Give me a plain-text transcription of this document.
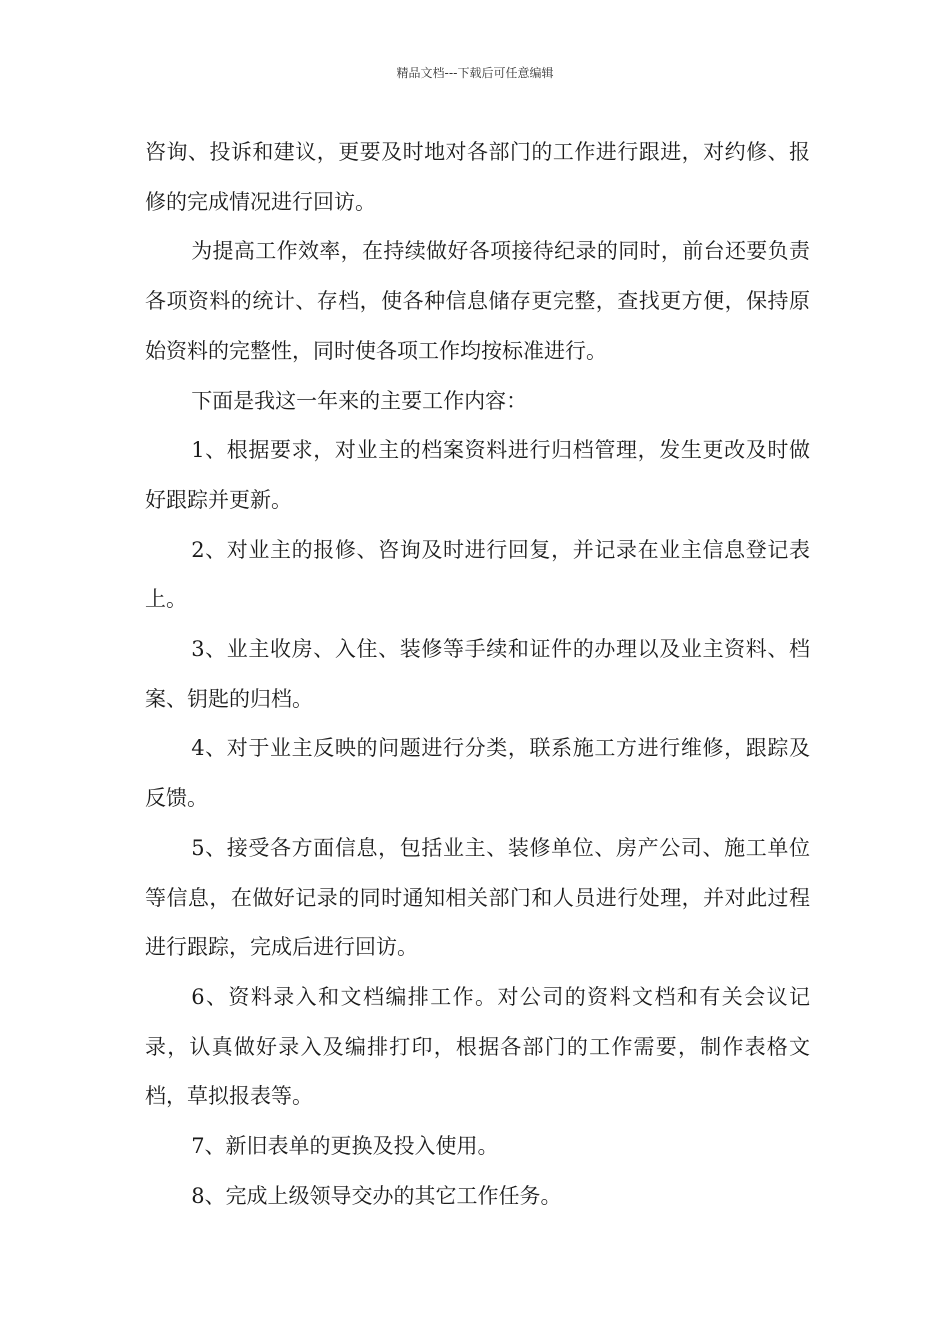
精品文档---下载后可任意编辑

咨询、投诉和建议，更要及时地对各部门的工作进行跟进，对约修、报修的完成情况进行回访。

为提高工作效率，在持续做好各项接待纪录的同时，前台还要负责各项资料的统计、存档，使各种信息储存更完整，查找更方便，保持原始资料的完整性，同时使各项工作均按标准进行。

下面是我这一年来的主要工作内容：

1、根据要求，对业主的档案资料进行归档管理，发生更改及时做好跟踪并更新。

2、对业主的报修、咨询及时进行回复，并记录在业主信息登记表上。

3、业主收房、入住、装修等手续和证件的办理以及业主资料、档案、钥匙的归档。

4、对于业主反映的问题进行分类，联系施工方进行维修，跟踪及反馈。

5、接受各方面信息，包括业主、装修单位、房产公司、施工单位等信息，在做好记录的同时通知相关部门和人员进行处理，并对此过程进行跟踪，完成后进行回访。

6、资料录入和文档编排工作。对公司的资料文档和有关会议记录，认真做好录入及编排打印，根据各部门的工作需要，制作表格文档，草拟报表等。

7、新旧表单的更换及投入使用。

8、完成上级领导交办的其它工作任务。
